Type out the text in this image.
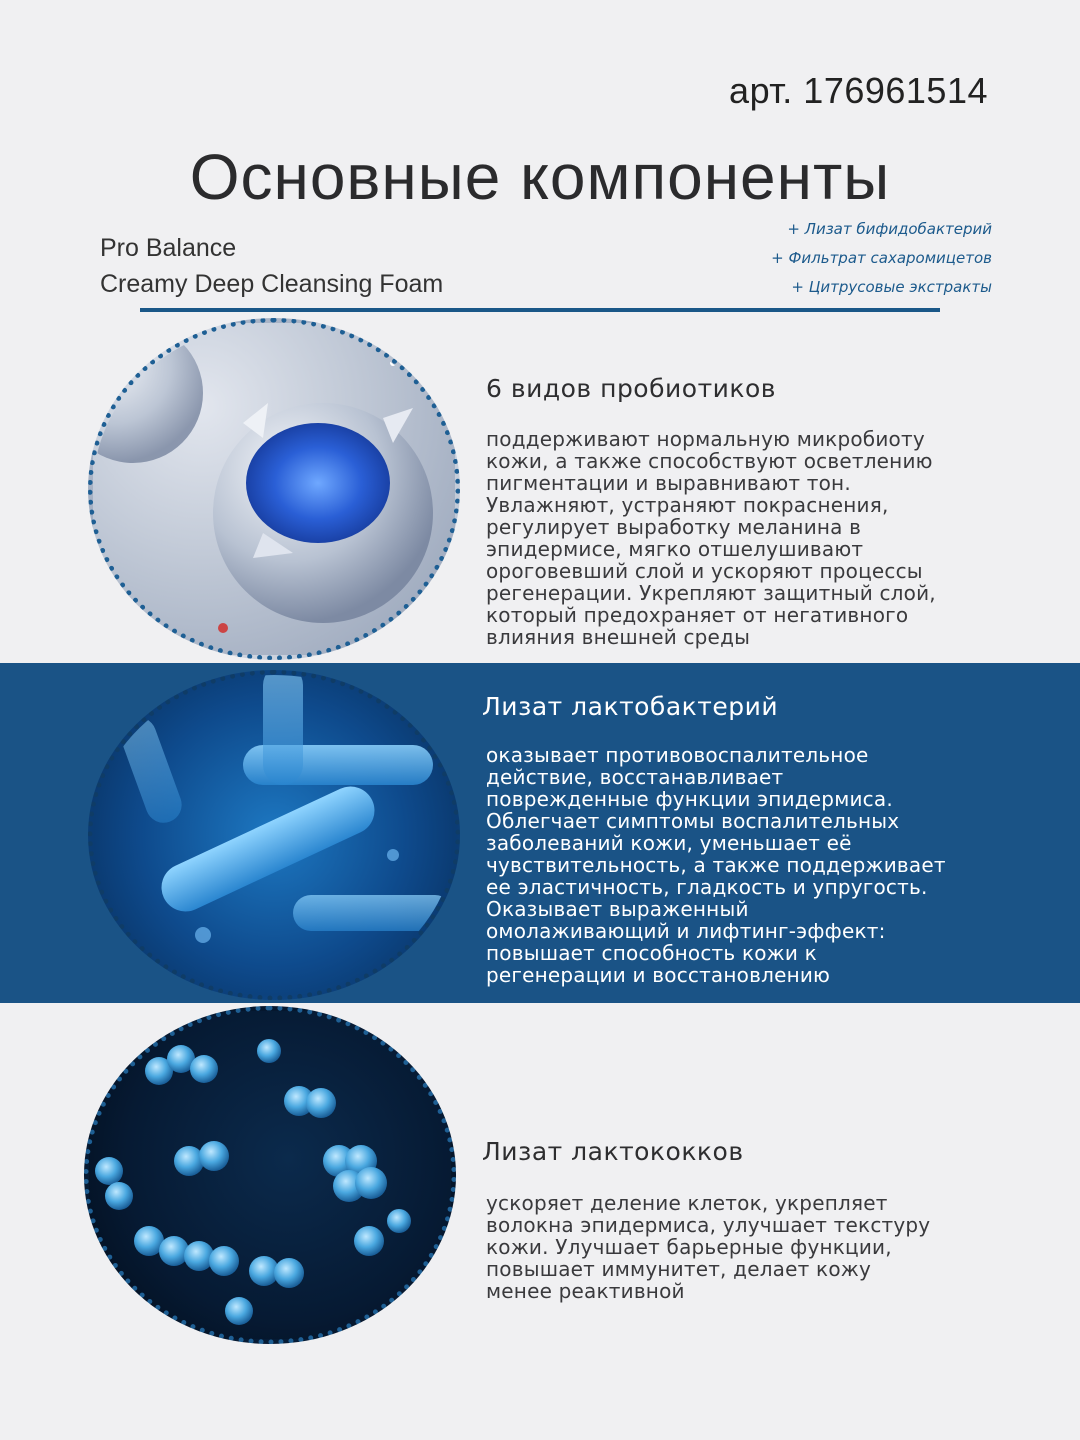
арт. 176961514
Основные компоненты
Pro Balance
Creamy Deep Cleansing Foam
+ Лизат бифидобактерий
+ Фильтрат сахаромицетов
+ Цитрусовые экстракты
6 видов пробиотиков
поддерживают нормальную микробиоту
кожи, а также способствуют осветлению
пигментации и выравнивают тон.
Увлажняют, устраняют покраснения,
регулирует выработку меланина в
эпидермисе, мягко отшелушивают
ороговевший слой и ускоряют процессы
регенерации. Укрепляют защитный слой,
который предохраняет от негативного
влияния внешней среды
Лизат лактобактерий
оказывает противовоспалительное
действие, восстанавливает
поврежденные функции эпидермиса.
Облегчает симптомы воспалительных
заболеваний кожи, уменьшает её
чувствительность, а также поддерживает
ее эластичность, гладкость и упругость.
Оказывает выраженный
омолаживающий и лифтинг-эффект:
повышает способность кожи к
регенерации и восстановлению
Лизат лактококков
ускоряет деление клеток, укрепляет
волокна эпидермиса, улучшает текстуру
кожи. Улучшает барьерные функции,
повышает иммунитет, делает кожу
менее реактивной
